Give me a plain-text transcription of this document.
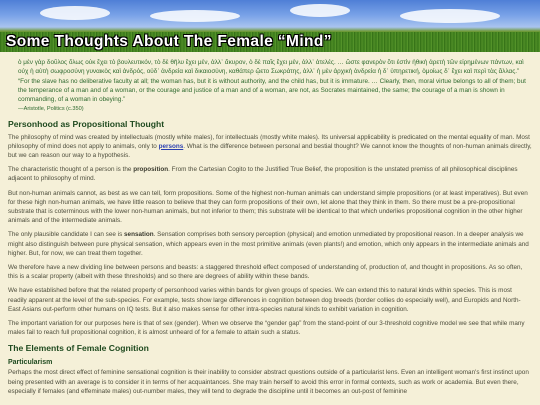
Some Thoughts About The Female “Mind”

ὁ μὲν γὰρ δοῦλος ὅλως οὐκ ἔχει τὸ βουλευτικόν, τὸ δὲ θῆλυ ἔχει μέν, ἀλλ᾽ ἄκυρον, ὁ δὲ παῖς ἔχει μέν, ἀλλ᾽ ἀτελές. … ὥστε φανερὸν ὅτι ἐστὶν ἠθικὴ ἀρετὴ τῶν εἰρημένων πάντων, καὶ οὐχ ἡ αὐτὴ σωφροσύνη γυναικὸς καὶ ἀνδρός, οὐδ᾽ ἀνδρεία καὶ δικαιοσύνη, καθάπερ ᾤετο Σωκράτης, ἀλλ᾽ ἡ μὲν ἀρχικὴ ἀνδρεία ἡ δ᾽ ὑπηρετική, ὁμοίως δ᾽ ἔχει καὶ περὶ τὰς ἄλλας.”

“For the slave has no deliberative faculty at all; the woman has, but it is without authority, and the child has, but it is immature. … Clearly, then, moral virtue belongs to all of them; but the temperance of a man and of a woman, or the courage and justice of a man and of a woman, are not, as Socrates maintained, the same; the courage of a man is shown in commanding, of a woman in obeying.”

—Aristotle, Politics (c.350)

Personhood as Propositional Thought

The philosophy of mind was created by intellectuals (mostly white males), for intellectuals (mostly white males). Its universal applicability is predicated on the mental equality of man. Most philosophy of mind does not apply to animals, only to persons. What is the difference between personal and bestial thought? We cannot know the thoughts of non-human animals directly, but we can reason our way to a hypothesis.

The characteristic thought of a person is the proposition. From the Cartesian Cogito to the Justified True Belief, the proposition is the unstated premiss of all philosophical disciplines adjacent to philosophy of mind.

But non-human animals cannot, as best as we can tell, form propositions. Some of the highest non-human animals can understand simple propositions (or at least imperatives). But even for these high non-human animals, we have little reason to believe that they can form propositions of their own, let alone that they think in them. So there must be a pre-propositional substrate that is coterminous with the lower non-human animals, but not inferior to them; this substrate will be identical to that which underlies propositional cognition in the other higher animals and of the intermediate animals.

The only plausible candidate I can see is sensation. Sensation comprises both sensory perception (physical) and emotion unmediated by propositional reason. In a deeper analysis we might also distinguish between pure physical sensation, which appears even in the most primitive animals (even plants!) and emotion, which only appears in the intermediate animals and higher. But, for now, we can treat them together.

We therefore have a new dividing line between persons and beasts: a staggered threshold effect composed of understanding of, production of, and thought in propositions. As so often, this is a scalar property (albeit with these thresholds) and so there are degrees of ability within these bands.

We have established before that the related property of personhood varies within bands for given groups of species. We can extend this to natural kinds within species. This is most readily apparent at the level of the sub-species. For example, tests show large differences in cognition between dog breeds (border collies do especially well), and Europids and North-East Asians out-perform other humans on IQ tests. But it also makes sense for other intra-species natural kinds to exhibit variation in cognition.

The important variation for our purposes here is that of sex (gender). When we observe the “gender gap” from the stand-point of our 3-threshold cognitive model we see that while many males fail to reach full propositional cognition, it is almost unheard of for a female to attain such a status.

The Elements of Female Cognition
Particularism

Perhaps the most direct effect of feminine sensational cognition is their inability to consider abstract questions outside of a particularist lens. Even an intelligent woman's first instinct upon being presented with an average is to consider it in terms of her acquaintances. She may train herself to avoid this error in formal contexts, such as work or academia. But even there, especially if females (and effeminate males) out-number males, they will tend to degrade the discipline until it becomes an out-post of feminine
